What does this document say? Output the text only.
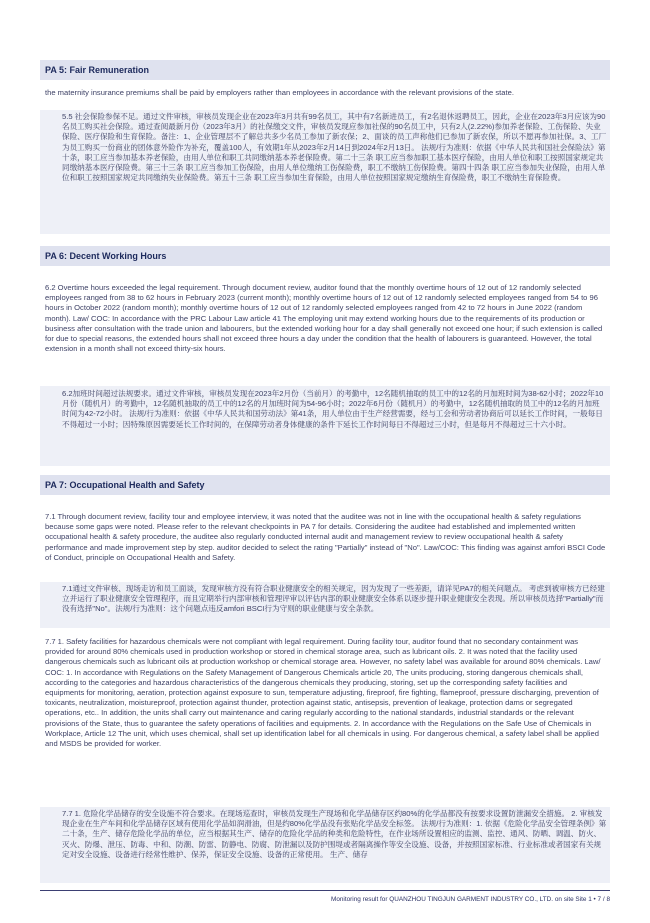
PA 5: Fair Remuneration
the maternity insurance premiums shall be paid by employers rather than employees in accordance with the relevant provisions of the state.
5.5 社会保险参保不足。通过文件审核，审核员发现企业在2023年3月共有99名员工，其中有7名新进员工，有2名退休返聘员工，因此，企业在2023年3月应该为90名员工购买社会保险。通过查阅最新月份（2023年3月）的社保缴交文件，审核员发现应参加社保的90名员工中，只有2人(2.22%)参加养老保险、工伤保险、失业保险、医疗保险和生育保险。备注：1、企业管理层不了解总共多少名员工参加了新农保；2、面谈的员工声称他们已参加了新农保，所以不愿再参加社保。3、工厂为员工购买一份商业的团体意外险作为补充，覆盖100人，有效期1年从2023年2月14日到2024年2月13日。 法规/行为准则：依据《中华人民共和国社会保险法》第十条，职工应当参加基本养老保险，由用人单位和职工共同缴纳基本养老保险费。第二十三条 职工应当参加职工基本医疗保险，由用人单位和职工按照国家规定共同缴纳基本医疗保险费。第三十三条 职工应当参加工伤保险，由用人单位缴纳工伤保险费，职工不缴纳工伤保险费。第四十四条 职工应当参加失业保险，由用人单位和职工按照国家规定共同缴纳失业保险费。第五十三条 职工应当参加生育保险，由用人单位按照国家规定缴纳生育保险费，职工不缴纳生育保险费。
PA 6: Decent Working Hours
6.2 Overtime hours exceeded the legal requirement. Through document review, auditor found that the monthly overtime hours of 12 out of 12 randomly selected employees ranged from 38 to 62 hours in February 2023 (current month); monthly overtime hours of 12 out of 12 randomly selected employees ranged from 54 to 96 hours in October 2022 (random month); monthly overtime hours of 12 out of 12 randomly selected employees ranged from 42 to 72 hours in June 2022 (random month). Law/ COC: In accordance with the PRC Labour Law article 41 The employing unit may extend working hours due to the requirements of its production or business after consultation with the trade union and labourers, but the extended working hour for a day shall generally not exceed one hour; if such extension is called for due to special reasons, the extended hours shall not exceed three hours a day under the condition that the health of labourers is guaranteed. However, the total extension in a month shall not exceed thirty-six hours.
6.2加班时间超过法规要求。通过文件审核，审核员发现在2023年2月份（当前月）的考勤中，12名随机抽取的员工中的12名的月加班时间为38-62小时；2022年10月份（随机月）的考勤中，12名随机抽取的员工中的12名的月加班时间为54-96小时；2022年6月份（随机月）的考勤中，12名随机抽取的员工中的12名的月加班时间为42-72小时。 法规/行为准则：依据《中华人民共和国劳动法》第41条，用人单位由于生产经营需要，经与工会和劳动者协商后可以延长工作时间，一般每日不得超过一小时；因特殊原因需要延长工作时间的，在保障劳动者身体健康的条件下延长工作时间每日不得超过三小时，但是每月不得超过三十六小时。
PA 7: Occupational Health and Safety
7.1 Through document review, facility tour and employee interview, it was noted that the auditee was not in line with the occupational health & safety regulations because some gaps were noted. Please refer to the relevant checkpoints in PA 7 for details. Considering the auditee had established and implemented written occupational health & safety procedure, the auditee also regularly conducted internal audit and management review to review occupational health & safety performance and made improvement step by step. auditor decided to select the rating "Partially" instead of "No". Law/COC: This finding was against amfori BSCI Code of Conduct, principle on Occupational Health and Safety.
7.1通过文件审核、现场走访和员工面谈，发现审核方没有符合职业健康安全的相关规定，因为发现了一些差距，请详见PA7的相关问题点。 考虑到被审核方已经建立并运行了职业健康安全管理程序，而且定期举行内部审核和管理评审以评估内部的职业健康安全体系以逐步提升职业健康安全表现。所以审核员选择"Partially"而没有选择"No"。法规/行为准则：这个问题点违反amfori BSCI行为守则的职业健康与安全条款。
7.7 1. Safety facilities for hazardous chemicals were not compliant with legal requirement. During facility tour, auditor found that no secondary containment was provided for around 80% chemicals used in production workshop or stored in chemical storage area, such as lubricant oils. 2. It was noted that the facility used dangerous chemicals such as lubricant oils at production workshop or chemical storage area. However, no safety label was available for around 80% chemicals. Law/ COC: 1. In accordance with Regulations on the Safety Management of Dangerous Chemicals article 20, The units producing, storing dangerous chemicals shall, according to the categories and hazardous characteristics of the dangerous chemicals they producing, storing, set up the corresponding safety facilities and equipments for monitoring, aeration, protection against exposure to sun, temperature adjusting, fireproof, fire fighting, flameproof, pressure discharging, prevention of toxicants, neutralization, moistureproof, protection against thunder, protection against static, antisepsis, prevention of leakage, protection dams or segregated operations, etc.. In addition, the units shall carry out maintenance and caring regularly according to the national standards, industrial standards or the relevant provisions of the State, thus to guarantee the safety operations of facilities and equipments. 2. In accordance with the Regulations on the Safe Use of Chemicals in Workplace, Article 12 The unit, which uses chemical, shall set up identification label for all chemicals in using. For dangerous chemical, a safety label shall be applied and MSDS be provided for worker.
7.7 1. 危险化学品储存的安全设施不符合要求。在现场巡查时，审核员发现生产现场和化学品储存区约80%的化学品都没有按要求设置防泄漏安全措施。 2. 审核发现企业在生产车间和化学品储存区域有使用化学品如润滑油，但是约80%化学品没有张贴化学品安全标签。 法规/行为准则：1. 依据《危险化学品安全管理条例》第二十条，生产、储存危险化学品的单位，应当根据其生产、储存的危险化学品的种类和危险特性，在作业场所设置相应的监测、监控、通风、防晒、调温、防火、灭火、防爆、泄压、防毒、中和、防潮、防雷、防静电、防腐、防泄漏以及防护围堤或者隔离操作等安全设施、设备，并按照国家标准、行业标准或者国家有关规定对安全设施、设备进行经常性维护、保养，保证安全设施、设备的正常使用。 生产、储存
Monitoring result for QUANZHOU TINGJUN GARMENT INDUSTRY CO., LTD. on site Site 1 • 7 / 8
